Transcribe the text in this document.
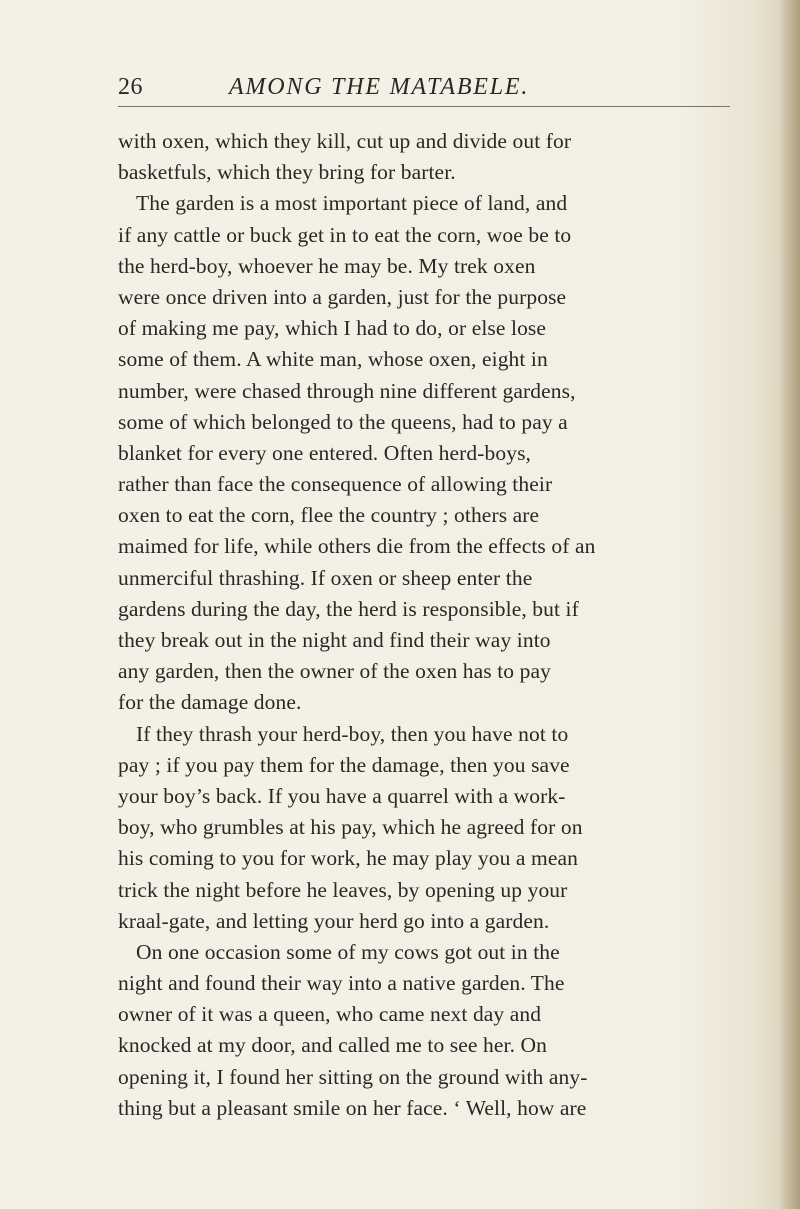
26	AMONG THE MATABELE.
with oxen, which they kill, cut up and divide out for
basketfuls, which they bring for barter.
The garden is a most important piece of land, and
if any cattle or buck get in to eat the corn, woe be to
the herd-boy, whoever he may be. My trek oxen
were once driven into a garden, just for the purpose
of making me pay, which I had to do, or else lose
some of them. A white man, whose oxen, eight in
number, were chased through nine different gardens,
some of which belonged to the queens, had to pay a
blanket for every one entered. Often herd-boys,
rather than face the consequence of allowing their
oxen to eat the corn, flee the country ; others are
maimed for life, while others die from the effects of an
unmerciful thrashing. If oxen or sheep enter the
gardens during the day, the herd is responsible, but if
they break out in the night and find their way into
any garden, then the owner of the oxen has to pay
for the damage done.
If they thrash your herd-boy, then you have not to
pay ; if you pay them for the damage, then you save
your boy’s back. If you have a quarrel with a work-
boy, who grumbles at his pay, which he agreed for on
his coming to you for work, he may play you a mean
trick the night before he leaves, by opening up your
kraal-gate, and letting your herd go into a garden.
On one occasion some of my cows got out in the
night and found their way into a native garden. The
owner of it was a queen, who came next day and
knocked at my door, and called me to see her. On
opening it, I found her sitting on the ground with any-
thing but a pleasant smile on her face. ‘ Well, how are
